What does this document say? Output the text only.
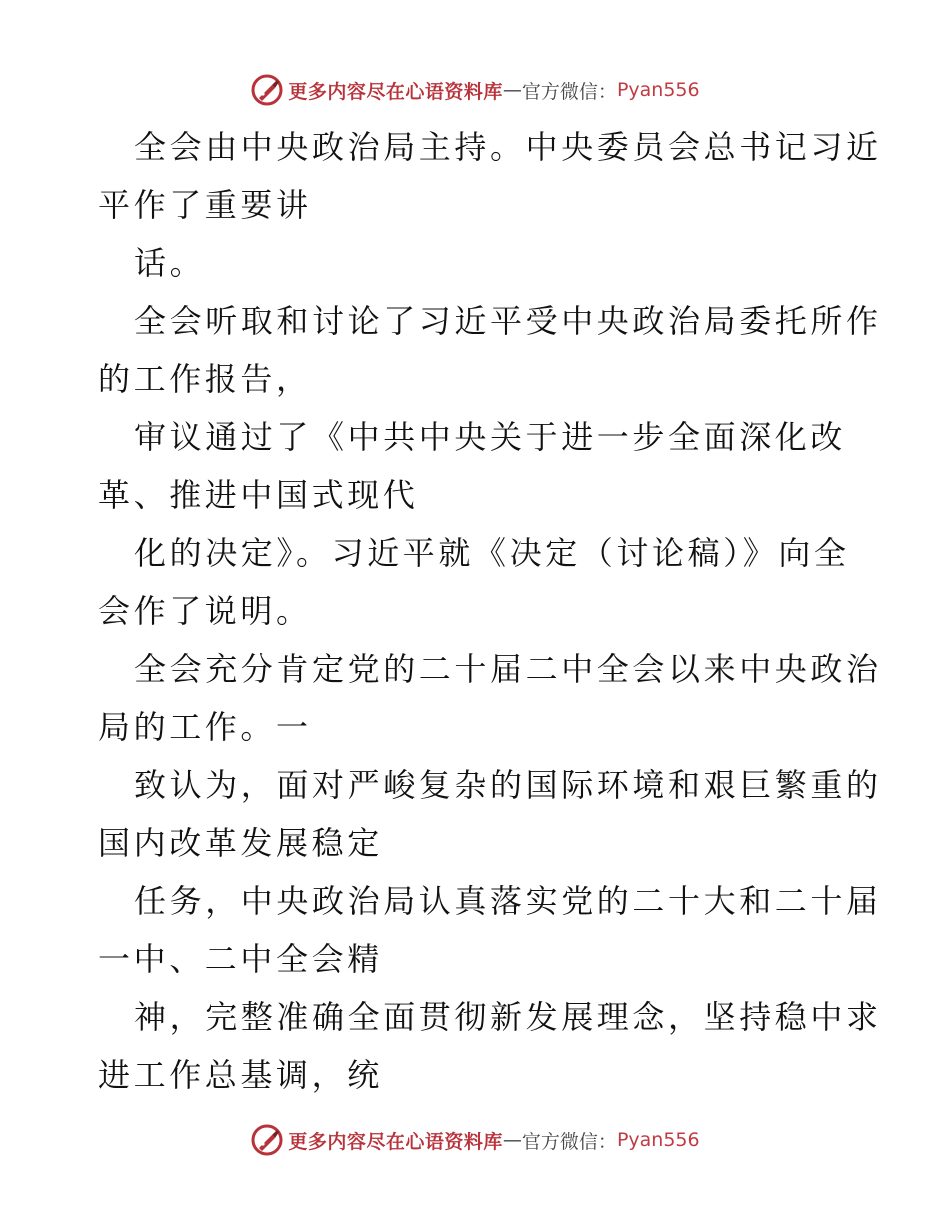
更多内容尽在心语资料库 — 官方微信： Pyan556
全会由中央政治局主持。中央委员会总书记习近
平作了重要讲
话。
全会听取和讨论了习近平受中央政治局委托所作
的工作报告，
审议通过了《中共中央关于进一步全面深化改
革、推进中国式现代
化的决定》。习近平就《决定（讨论稿）》向全
会作了说明。
全会充分肯定党的二十届二中全会以来中央政治
局的工作。一
致认为，面对严峻复杂的国际环境和艰巨繁重的
国内改革发展稳定
任务，中央政治局认真落实党的二十大和二十届
一中、二中全会精
神，完整准确全面贯彻新发展理念，坚持稳中求
进工作总基调，统
更多内容尽在心语资料库 — 官方微信： Pyan556
